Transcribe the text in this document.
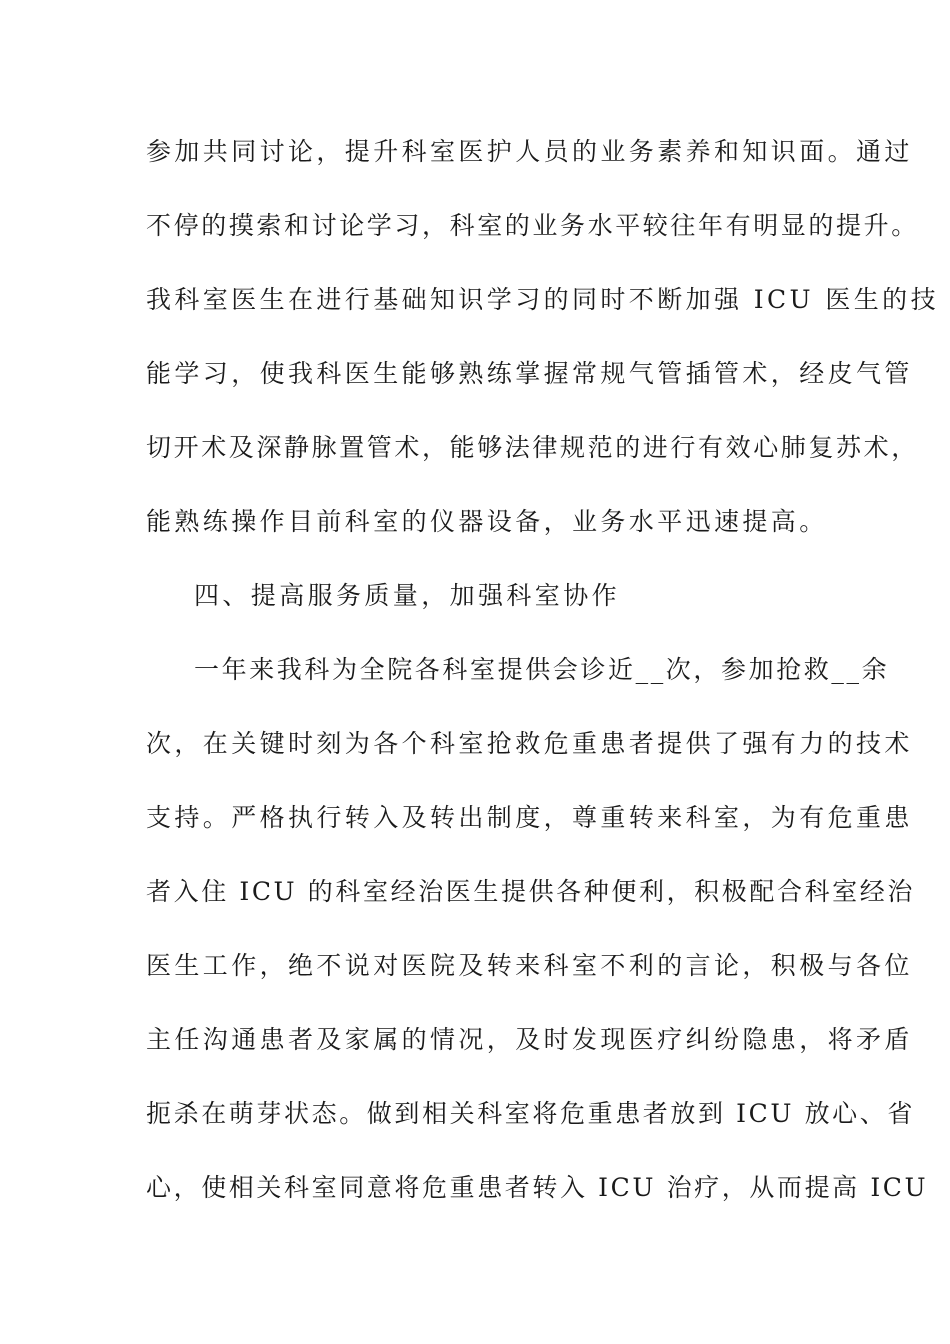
参加共同讨论，提升科室医护人员的业务素养和知识面。通过
不停的摸索和讨论学习，科室的业务水平较往年有明显的提升。
我科室医生在进行基础知识学习的同时不断加强 ICU 医生的技
能学习，使我科医生能够熟练掌握常规气管插管术，经皮气管
切开术及深静脉置管术，能够法律规范的进行有效心肺复苏术，
能熟练操作目前科室的仪器设备，业务水平迅速提高。
四、提高服务质量，加强科室协作
一年来我科为全院各科室提供会诊近__次，参加抢救__余
次，在关键时刻为各个科室抢救危重患者提供了强有力的技术
支持。严格执行转入及转出制度，尊重转来科室，为有危重患
者入住 ICU 的科室经治医生提供各种便利，积极配合科室经治
医生工作，绝不说对医院及转来科室不利的言论，积极与各位
主任沟通患者及家属的情况，及时发现医疗纠纷隐患，将矛盾
扼杀在萌芽状态。做到相关科室将危重患者放到 ICU 放心、省
心，使相关科室同意将危重患者转入 ICU 治疗，从而提高 ICU
